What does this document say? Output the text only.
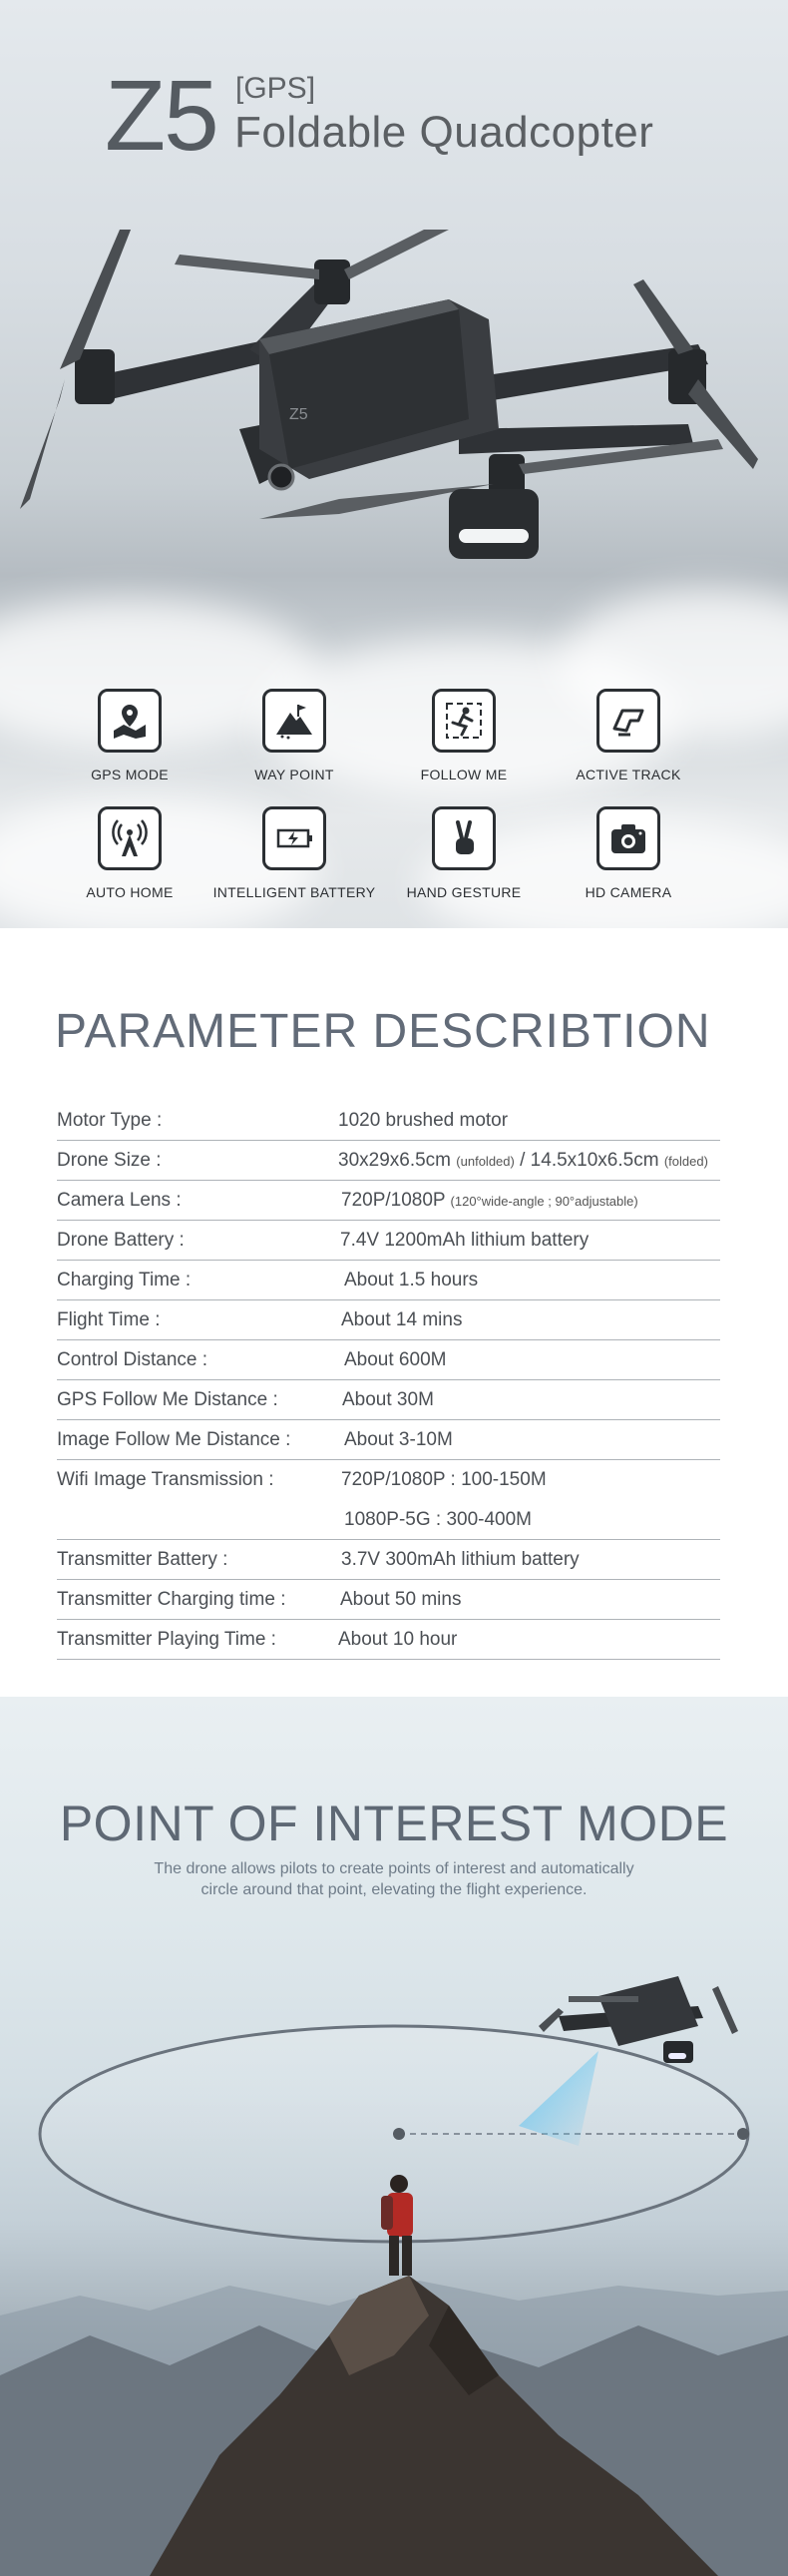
Z5 [GPS]
Foldable Quadcopter
Z5
GPS MODE	WAY POINT	FOLLOW ME	ACTIVE TRACK
AUTO HOME	INTELLIGENT BATTERY	HAND GESTURE	HD CAMERA
PARAMETER DESCRIBTION
Motor Type :	1020 brushed motor
Drone Size :	30x29x6.5cm (unfolded) / 14.5x10x6.5cm (folded)
Camera Lens :	720P/1080P (120°wide-angle ; 90°adjustable)
Drone Battery :	7.4V 1200mAh lithium battery
Charging Time :	About 1.5 hours
Flight Time :	About 14 mins
Control Distance :	About 600M
GPS Follow Me Distance :	About 30M
Image Follow Me Distance :	About 3-10M
Wifi Image Transmission :	720P/1080P : 100-150M
1080P-5G : 300-400M
Transmitter Battery :	3.7V 300mAh lithium battery
Transmitter Charging time :	About 50 mins
Transmitter Playing Time :	About 10 hour
POINT OF INTEREST MODE
The drone allows pilots to create points of interest and automatically
circle around that point, elevating the flight experience.
